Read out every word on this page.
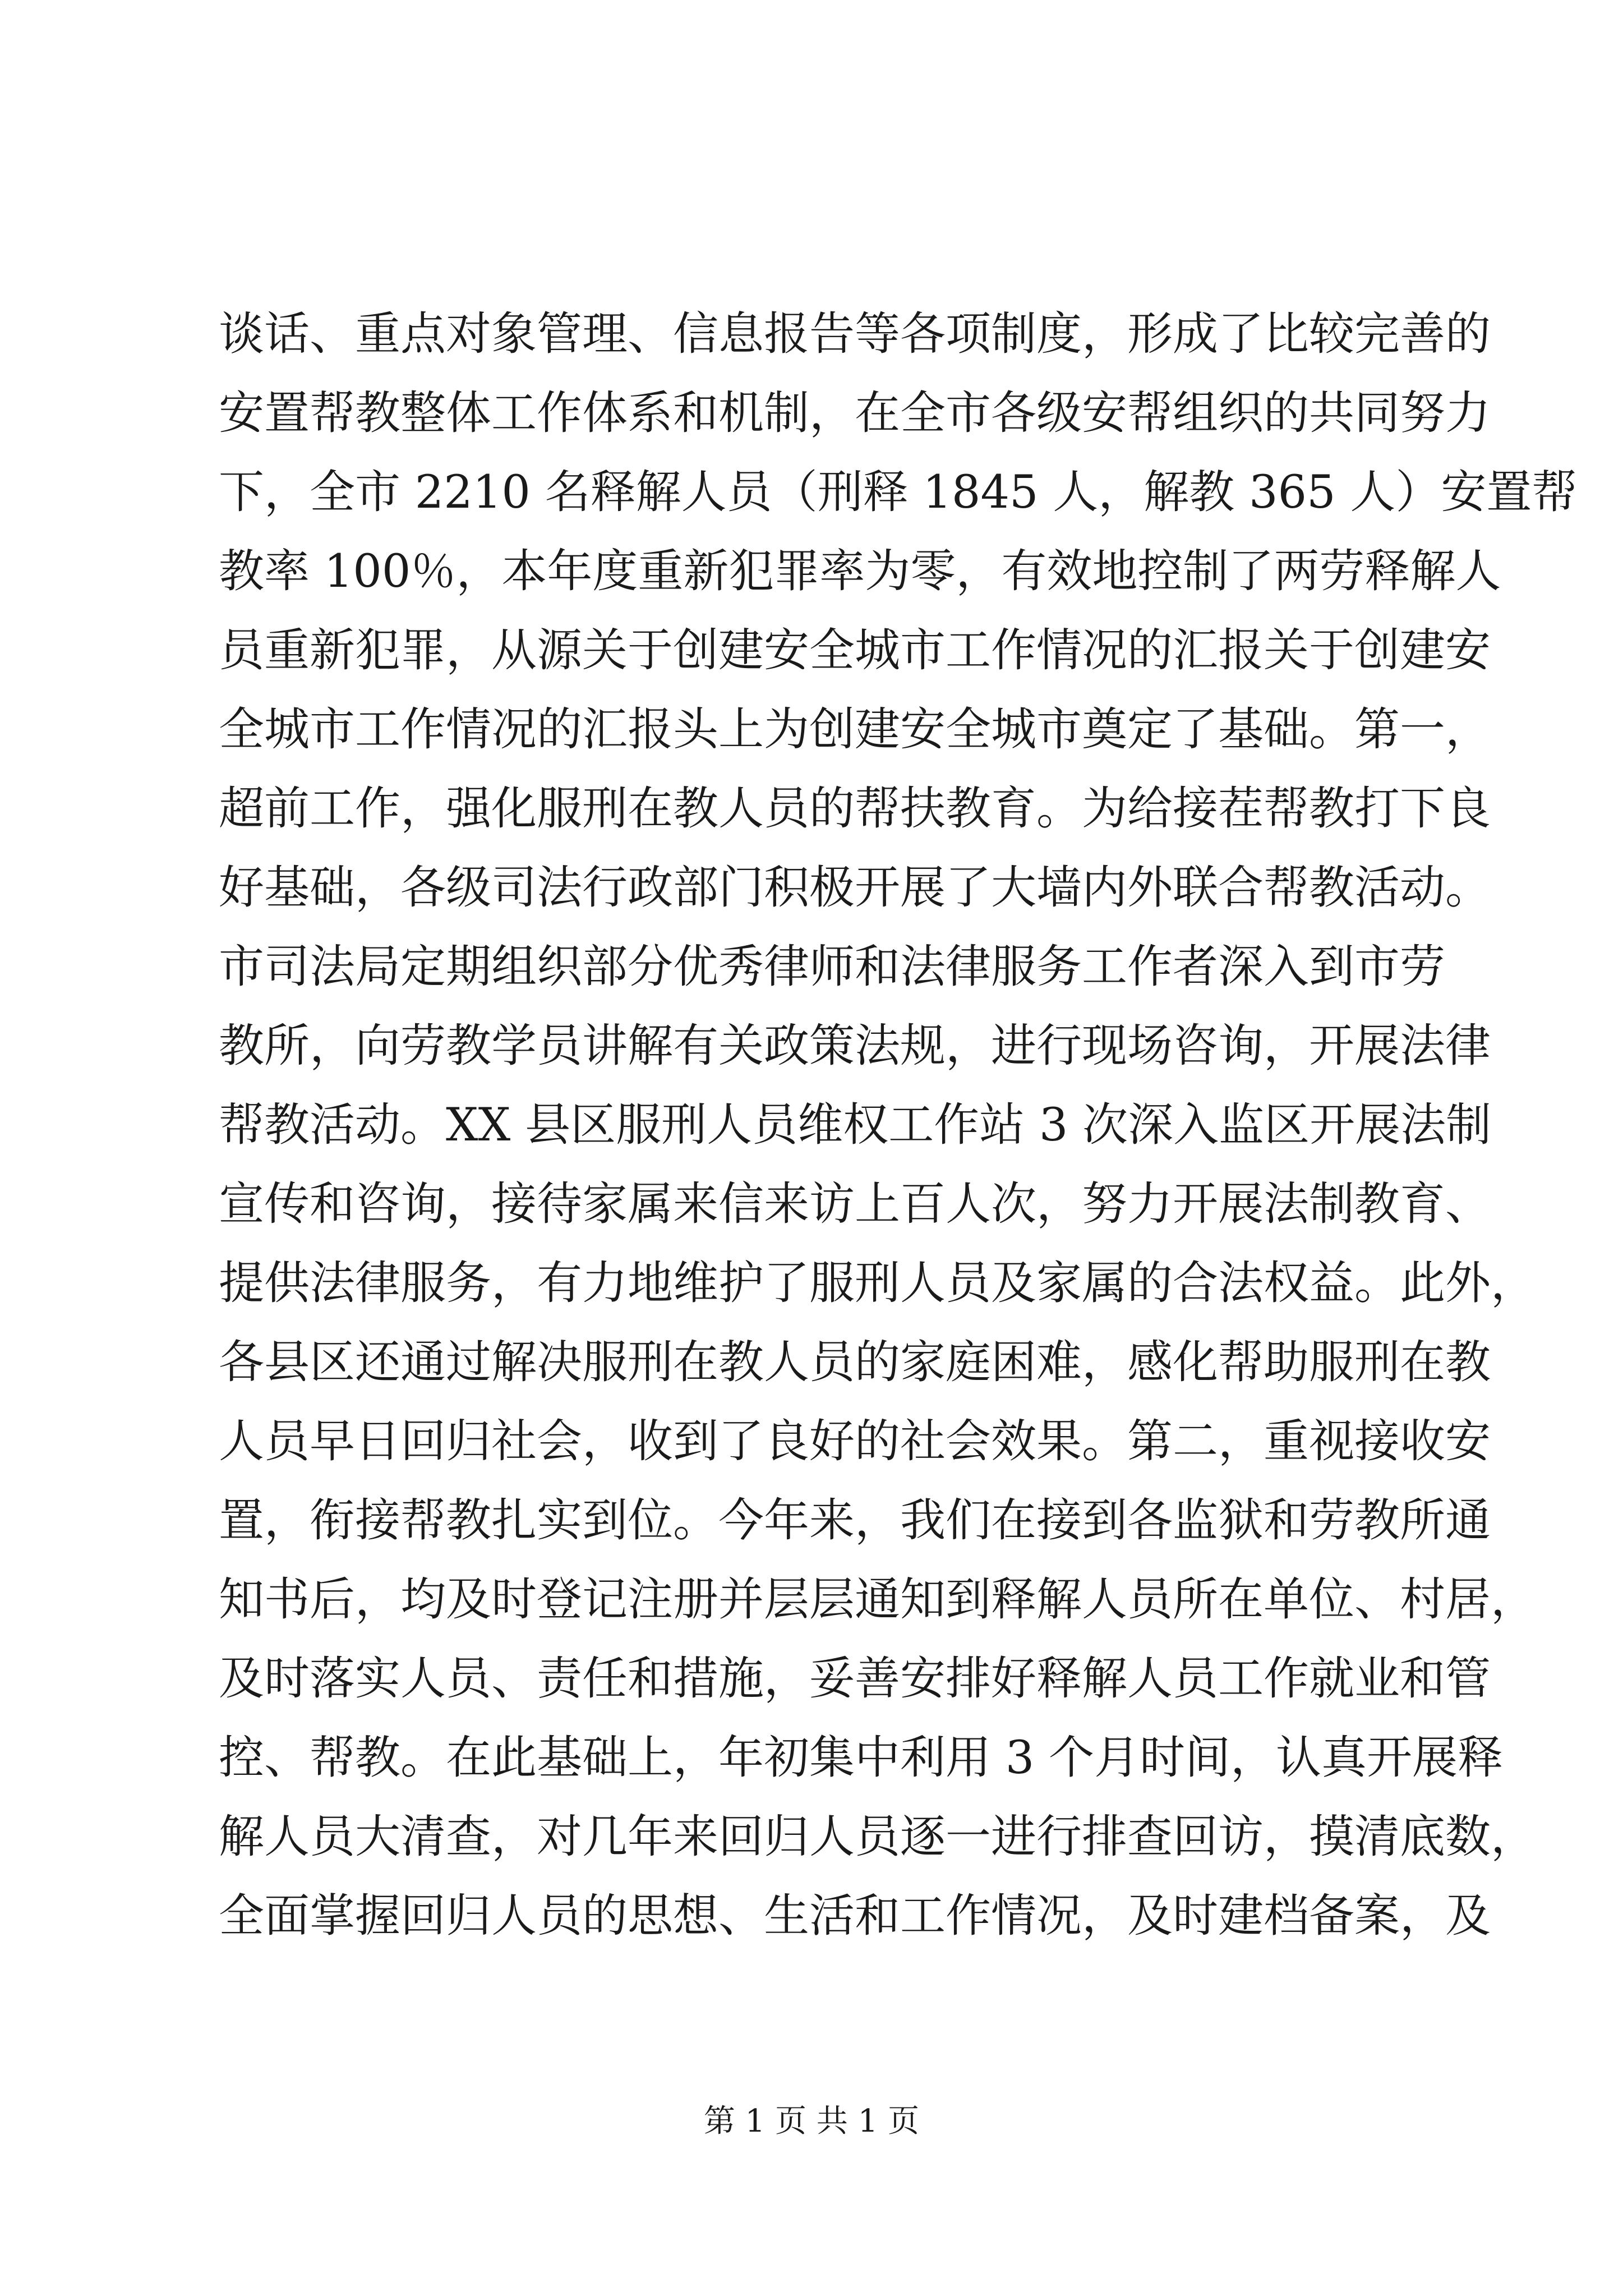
谈话、重点对象管理、信息报告等各项制度，形成了比较完善的
安置帮教整体工作体系和机制，在全市各级安帮组织的共同努力
下，全市 2210 名释解人员（刑释 1845 人，解教 365 人）安置帮
教率 100％，本年度重新犯罪率为零，有效地控制了两劳释解人
员重新犯罪，从源关于创建安全城市工作情况的汇报关于创建安
全城市工作情况的汇报头上为创建安全城市奠定了基础。第一，
超前工作，强化服刑在教人员的帮扶教育。为给接茬帮教打下良
好基础，各级司法行政部门积极开展了大墙内外联合帮教活动。
市司法局定期组织部分优秀律师和法律服务工作者深入到市劳
教所，向劳教学员讲解有关政策法规，进行现场咨询，开展法律
帮教活动。XX 县区服刑人员维权工作站 3 次深入监区开展法制
宣传和咨询，接待家属来信来访上百人次，努力开展法制教育、
提供法律服务，有力地维护了服刑人员及家属的合法权益。此外，
各县区还通过解决服刑在教人员的家庭困难，感化帮助服刑在教
人员早日回归社会，收到了良好的社会效果。第二，重视接收安
置，衔接帮教扎实到位。今年来，我们在接到各监狱和劳教所通
知书后，均及时登记注册并层层通知到释解人员所在单位、村居，
及时落实人员、责任和措施，妥善安排好释解人员工作就业和管
控、帮教。在此基础上，年初集中利用 3 个月时间，认真开展释
解人员大清查，对几年来回归人员逐一进行排查回访，摸清底数，
全面掌握回归人员的思想、生活和工作情况，及时建档备案，及
第 1 页 共 1 页
